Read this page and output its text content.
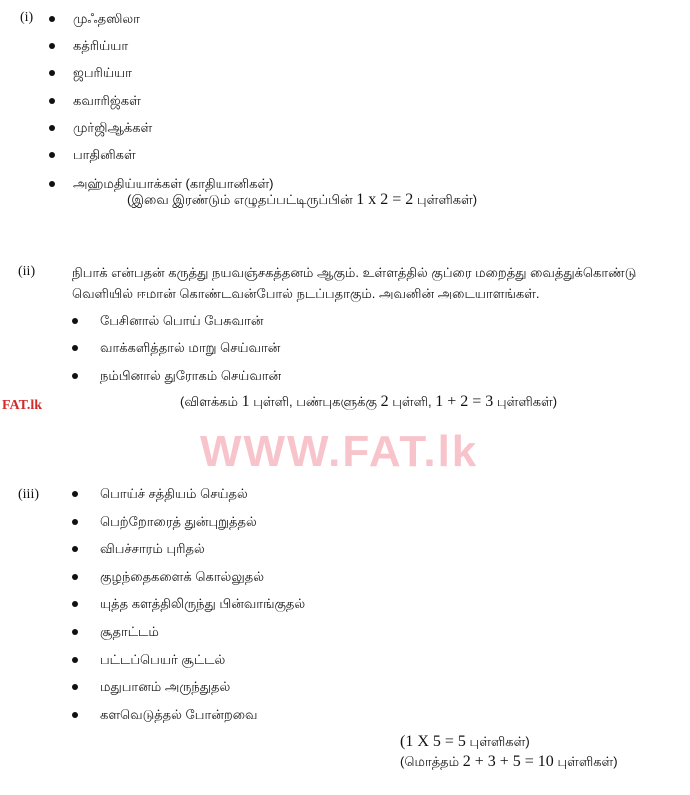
WWW.FAT.lk
FAT.lk
(i)	முஃதஸிலா
கத்ரிய்யா
ஜபரிய்யா
கவாரிஜ்கள்
முர்ஜிஆக்கள்
பாதினிகள்
அஹ்மதிய்யாக்கள் (காதியானிகள்)
(இவை இரண்டும் எழுதப்பட்டிருப்பின் 1 x 2 = 2 புள்ளிகள்)
(ii)	நிபாக் என்பதன் கருத்து நயவஞ்சகத்தனம் ஆகும். உள்ளத்தில் குப்ரை மறைத்து வைத்துக்கொண்டு
வெளியில் ஈமான் கொண்டவன்போல் நடப்பதாகும். அவனின் அடையாளங்கள்.
பேசினால் பொய் பேசுவான்
வாக்களித்தால் மாறு செய்வான்
நம்பினால் துரோகம் செய்வான்
(விளக்கம் 1 புள்ளி, பண்புகளுக்கு 2 புள்ளி, 1 + 2 = 3 புள்ளிகள்)
(iii)	பொய்ச் சத்தியம் செய்தல்
பெற்றோரைத் துன்புறுத்தல்
விபச்சாரம் புரிதல்
குழந்தைகளைக் கொல்லுதல்
யுத்த களத்திலிருந்து பின்வாங்குதல்
சூதாட்டம்
பட்டப்பெயர் சூட்டல்
மதுபானம் அருந்துதல்
களவெடுத்தல் போன்றவை
(1 X 5 = 5 புள்ளிகள்)
(மொத்தம் 2 + 3 + 5 = 10 புள்ளிகள்)
